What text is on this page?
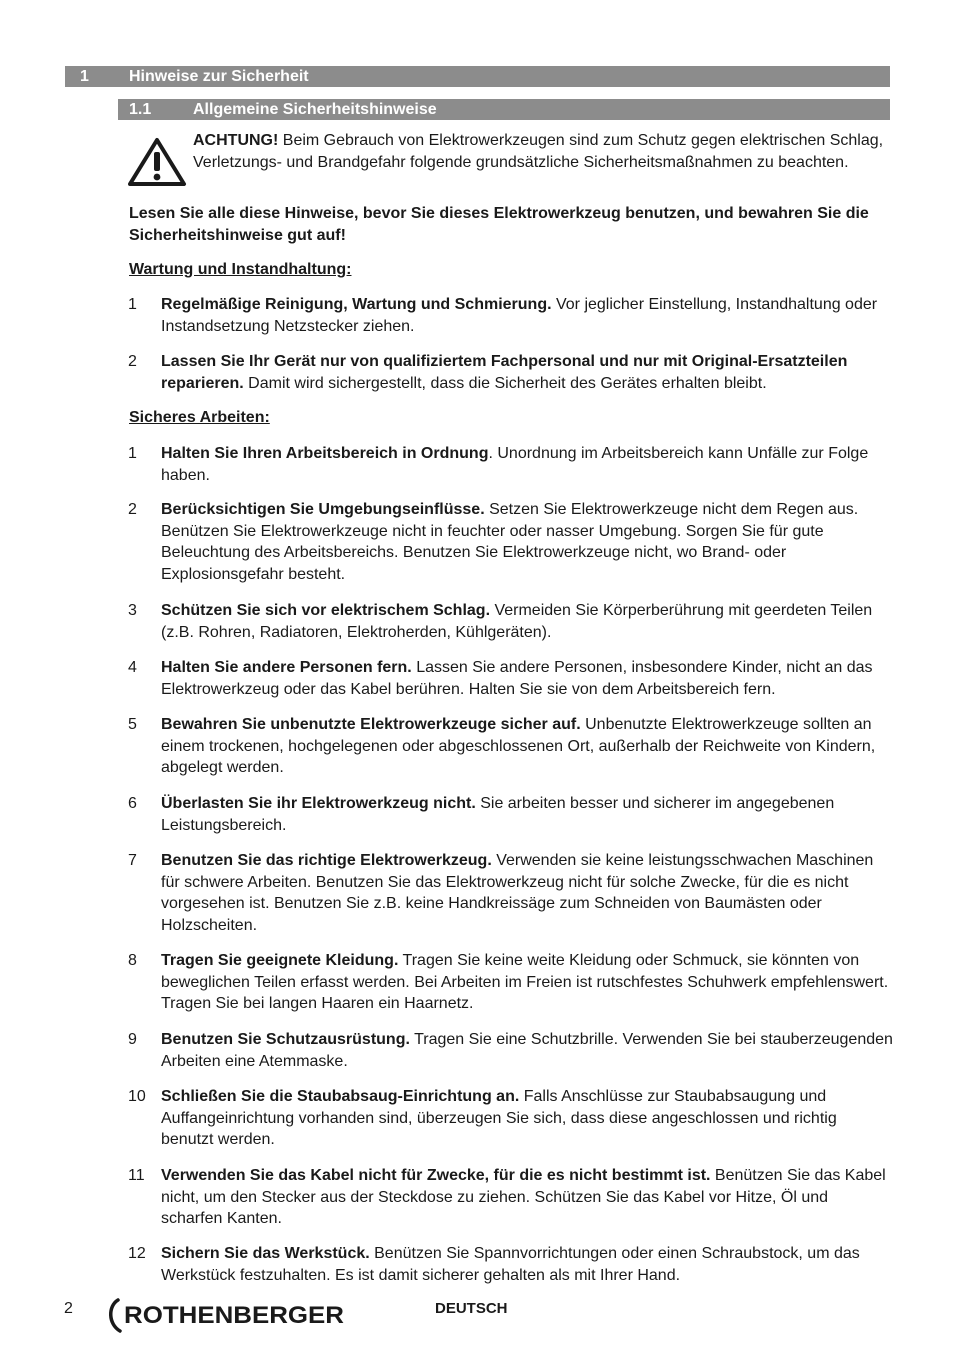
1	Hinweise zur Sicherheit
1.1	Allgemeine Sicherheitshinweise
ACHTUNG! Beim Gebrauch von Elektrowerkzeugen sind zum Schutz gegen elektrischen Schlag, Verletzungs- und Brandgefahr folgende grundsätzliche Sicherheitsmaßnahmen zu beachten.
Lesen Sie alle diese Hinweise, bevor Sie dieses Elektrowerkzeug benutzen, und bewahren Sie die Sicherheitshinweise gut auf!
Wartung und Instandhaltung:
1 Regelmäßige Reinigung, Wartung und Schmierung. Vor jeglicher Einstellung, Instandhaltung oder Instandsetzung Netzstecker ziehen.
2 Lassen Sie Ihr Gerät nur von qualifiziertem Fachpersonal und nur mit Original-Ersatzteilen reparieren. Damit wird sichergestellt, dass die Sicherheit des Gerätes erhalten bleibt.
Sicheres Arbeiten:
1 Halten Sie Ihren Arbeitsbereich in Ordnung. Unordnung im Arbeitsbereich kann Unfälle zur Folge haben.
2 Berücksichtigen Sie Umgebungseinflüsse. Setzen Sie Elektrowerkzeuge nicht dem Regen aus. Benützen Sie Elektrowerkzeuge nicht in feuchter oder nasser Umgebung. Sorgen Sie für gute Beleuchtung des Arbeitsbereichs. Benutzen Sie Elektrowerkzeuge nicht, wo Brand- oder Explosionsgefahr besteht.
3 Schützen Sie sich vor elektrischem Schlag. Vermeiden Sie Körperberührung mit geerdeten Teilen (z.B. Rohren, Radiatoren, Elektroherden, Kühlgeräten).
4 Halten Sie andere Personen fern. Lassen Sie andere Personen, insbesondere Kinder, nicht an das Elektrowerkzeug oder das Kabel berühren. Halten Sie sie von dem Arbeitsbereich fern.
5 Bewahren Sie unbenutzte Elektrowerkzeuge sicher auf. Unbenutzte Elektrowerkzeuge sollten an einem trockenen, hochgelegenen oder abgeschlossenen Ort, außerhalb der Reichweite von Kindern, abgelegt werden.
6 Überlasten Sie ihr Elektrowerkzeug nicht. Sie arbeiten besser und sicherer im angegebenen Leistungsbereich.
7 Benutzen Sie das richtige Elektrowerkzeug. Verwenden sie keine leistungsschwachen Maschinen für schwere Arbeiten. Benutzen Sie das Elektrowerkzeug nicht für solche Zwecke, für die es nicht vorgesehen ist. Benutzen Sie z.B. keine Handkreissäge zum Schneiden von Baumästen oder Holzscheiten.
8 Tragen Sie geeignete Kleidung. Tragen Sie keine weite Kleidung oder Schmuck, sie könnten von beweglichen Teilen erfasst werden. Bei Arbeiten im Freien ist rutschfestes Schuhwerk empfehlenswert. Tragen Sie bei langen Haaren ein Haarnetz.
9 Benutzen Sie Schutzausrüstung. Tragen Sie eine Schutzbrille. Verwenden Sie bei stauberzeugenden Arbeiten eine Atemmaske.
10 Schließen Sie die Staubabsaug-Einrichtung an. Falls Anschlüsse zur Staubabsaugung und Auffangeinrichtung vorhanden sind, überzeugen Sie sich, dass diese angeschlossen und richtig benutzt werden.
11 Verwenden Sie das Kabel nicht für Zwecke, für die es nicht bestimmt ist. Benützen Sie das Kabel nicht, um den Stecker aus der Steckdose zu ziehen. Schützen Sie das Kabel vor Hitze, Öl und scharfen Kanten.
12 Sichern Sie das Werkstück. Benützen Sie Spannvorrichtungen oder einen Schraubstock, um das Werkstück festzuhalten. Es ist damit sicherer gehalten als mit Ihrer Hand.
2 ROTHENBERGER	DEUTSCH
